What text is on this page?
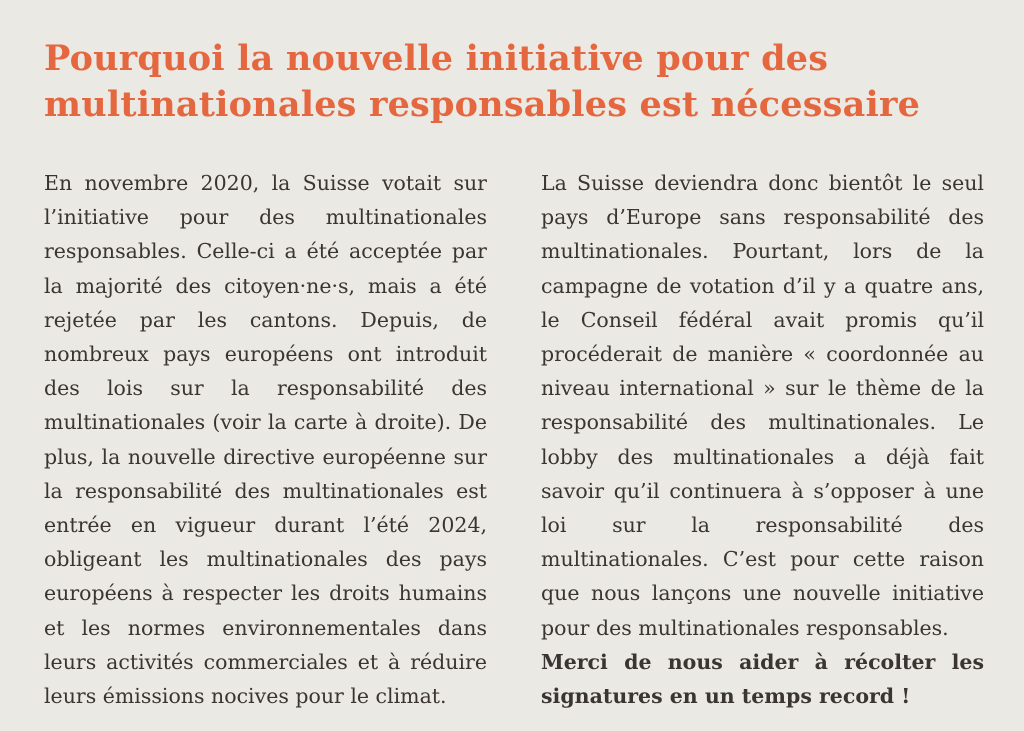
Pourquoi la nouvelle initiative pour des
multinationales responsables est nécessaire

En novembre 2020, la Suisse votait sur l’initiative pour des multinationales responsables. Celle-ci a été acceptée par la majorité des citoyen·ne·s, mais a été rejetée par les cantons. Depuis, de nombreux pays européens ont introduit des lois sur la responsabilité des multinationales (voir la carte à droite). De plus, la nouvelle directive européenne sur la responsabilité des multinationales est entrée en vigueur durant l’été 2024, obligeant les multinationales des pays européens à respecter les droits humains et les normes environnementales dans leurs activités commerciales et à réduire leurs émissions nocives pour le climat.

La Suisse deviendra donc bientôt le seul pays d’Europe sans responsabilité des multinationales. Pourtant, lors de la campagne de votation d’il y a quatre ans, le Conseil fédéral avait promis qu’il procéderait de manière « coordonnée au niveau international » sur le thème de la responsabilité des multinationales. Le lobby des multinationales a déjà fait savoir qu’il continuera à s’opposer à une loi sur la responsabilité des multinationales. C’est pour cette raison que nous lançons une nouvelle initiative pour des multinationales responsables.

Merci de nous aider à récolter les signatures en un temps record !
